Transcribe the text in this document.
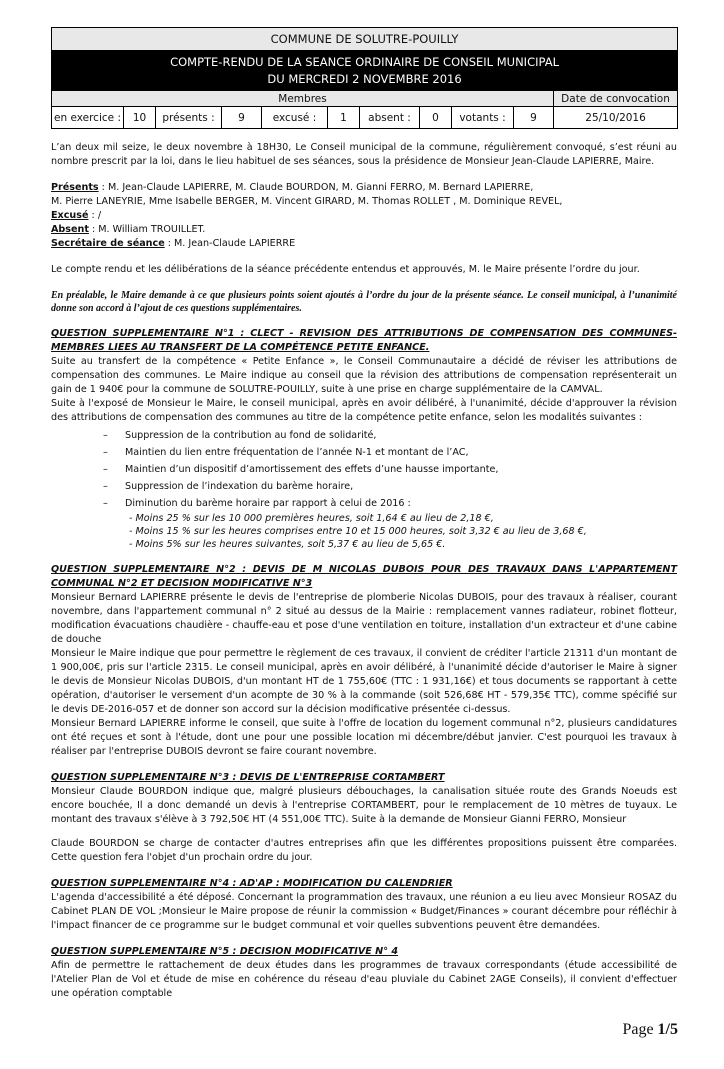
COMMUNE DE SOLUTRE-POUILLY										
COMPTE-RENDU DE LA SEANCE ORDINAIRE DE CONSEIL MUNICIPAL
DU MERCREDI 2 NOVEMBRE 2016										
Membres										Date de convocation
en exercice :	10	présents :	9	excusé :	1	absent :	0	votants :	9	25/10/2016

L’an deux mil seize, le deux novembre à 18H30, Le Conseil municipal de la commune, régulièrement convoqué, s’est réuni au nombre prescrit par la loi, dans le lieu habituel de ses séances, sous la présidence de Monsieur Jean-Claude LAPIERRE, Maire.

Présents : M. Jean-Claude LAPIERRE, M. Claude BOURDON, M. Gianni FERRO, M. Bernard LAPIERRE,
M. Pierre LANEYRIE, Mme Isabelle BERGER, M. Vincent GIRARD, M. Thomas ROLLET , M. Dominique REVEL,
Excusé : /
Absent : M. William TROUILLET.
Secrétaire de séance : M. Jean-Claude LAPIERRE

Le compte rendu et les délibérations de la séance précédente entendus et approuvés, M. le Maire présente l’ordre du jour.

En préalable, le Maire demande à ce que plusieurs points soient ajoutés à l’ordre du jour de la présente séance. Le conseil municipal, à l’unanimité donne son accord à l’ajout de ces questions supplémentaires.

QUESTION SUPPLEMENTAIRE N°1 : CLECT - REVISION DES ATTRIBUTIONS DE COMPENSATION DES COMMUNES-MEMBRES LIEES AU TRANSFERT DE LA COMPÉTENCE PETITE ENFANCE.

Suite au transfert de la compétence « Petite Enfance », le Conseil Communautaire a décidé de réviser les attributions de compensation des communes. Le Maire indique au conseil que la révision des attributions de compensation représenterait un gain de 1 940€ pour la commune de SOLUTRE-POUILLY, suite à une prise en charge supplémentaire de la CAMVAL.

Suite à l'exposé de Monsieur le Maire, le conseil municipal, après en avoir délibéré, à l'unanimité, décide d'approuver la révision des attributions de compensation des communes au titre de la compétence petite enfance, selon les modalités suivantes :

– Suppression de la contribution au fond de solidarité,
– Maintien du lien entre fréquentation de l’année N-1 et montant de l’AC,
– Maintien d’un dispositif d’amortissement des effets d’une hausse importante,
– Suppression de l’indexation du barème horaire,
– Diminution du barème horaire par rapport à celui de 2016 :
- Moins 25 % sur les 10 000 premières heures, soit 1,64 € au lieu de 2,18 €,
- Moins 15 % sur les heures comprises entre 10 et 15 000 heures, soit 3,32 € au lieu de 3,68 €,
- Moins 5% sur les heures suivantes, soit 5,37 € au lieu de 5,65 €.

QUESTION SUPPLEMENTAIRE N°2 : DEVIS DE M NICOLAS DUBOIS POUR DES TRAVAUX DANS L'APPARTEMENT COMMUNAL N°2 ET DECISION MODIFICATIVE N°3

Monsieur Bernard LAPIERRE présente le devis de l'entreprise de plomberie Nicolas DUBOIS, pour des travaux à réaliser, courant novembre, dans l'appartement communal n° 2 situé au dessus de la Mairie : remplacement vannes radiateur, robinet flotteur, modification évacuations chaudière - chauffe-eau et pose d'une ventilation en toiture, installation d'un extracteur et d'une cabine de douche

Monsieur le Maire indique que pour permettre le règlement de ces travaux, il convient de créditer l'article 21311 d'un montant de 1 900,00€, pris sur l'article 2315. Le conseil municipal, après en avoir délibéré, à l'unanimité décide d'autoriser le Maire à signer le devis de Monsieur Nicolas DUBOIS, d'un montant HT de 1 755,60€ (TTC : 1 931,16€) et tous documents se rapportant à cette opération, d'autoriser le versement d'un acompte de 30 % à la commande (soit 526,68€ HT - 579,35€ TTC), comme spécifié sur le devis DE-2016-057 et de donner son accord sur la décision modificative présentée ci-dessus.

Monsieur Bernard LAPIERRE informe le conseil, que suite à l'offre de location du logement communal n°2, plusieurs candidatures ont été reçues et sont à l'étude, dont une pour une possible location mi décembre/début janvier. C'est pourquoi les travaux à réaliser par l'entreprise DUBOIS devront se faire courant novembre.

QUESTION SUPPLEMENTAIRE N°3 : DEVIS DE L'ENTREPRISE CORTAMBERT

Monsieur Claude BOURDON indique que, malgré plusieurs débouchages, la canalisation située route des Grands Noeuds est encore bouchée, Il a donc demandé un devis à l'entreprise CORTAMBERT, pour le remplacement de 10 mètres de tuyaux. Le montant des travaux s'élève à 3 792,50€ HT (4 551,00€ TTC). Suite à la demande de Monsieur Gianni FERRO, Monsieur

Claude BOURDON se charge de contacter d'autres entreprises afin que les différentes propositions puissent être comparées. Cette question fera l'objet d'un prochain ordre du jour.

QUESTION SUPPLEMENTAIRE N°4 : AD'AP : MODIFICATION DU CALENDRIER

L'agenda d'accessibilité a été déposé. Concernant la programmation des travaux, une réunion a eu lieu avec Monsieur ROSAZ du Cabinet PLAN DE VOL ;Monsieur le Maire propose de réunir la commission « Budget/Finances » courant décembre pour réfléchir à l'impact financer de ce programme sur le budget communal et voir quelles subventions peuvent être demandées.

QUESTION SUPPLEMENTAIRE N°5 : DECISION MODIFICATIVE N° 4

Afin de permettre le rattachement de deux études dans les programmes de travaux correspondants (étude accessibilité de l'Atelier Plan de Vol et étude de mise en cohérence du réseau d'eau pluviale du Cabinet 2AGE Conseils), il convient d'effectuer une opération comptable

Page 1/5
